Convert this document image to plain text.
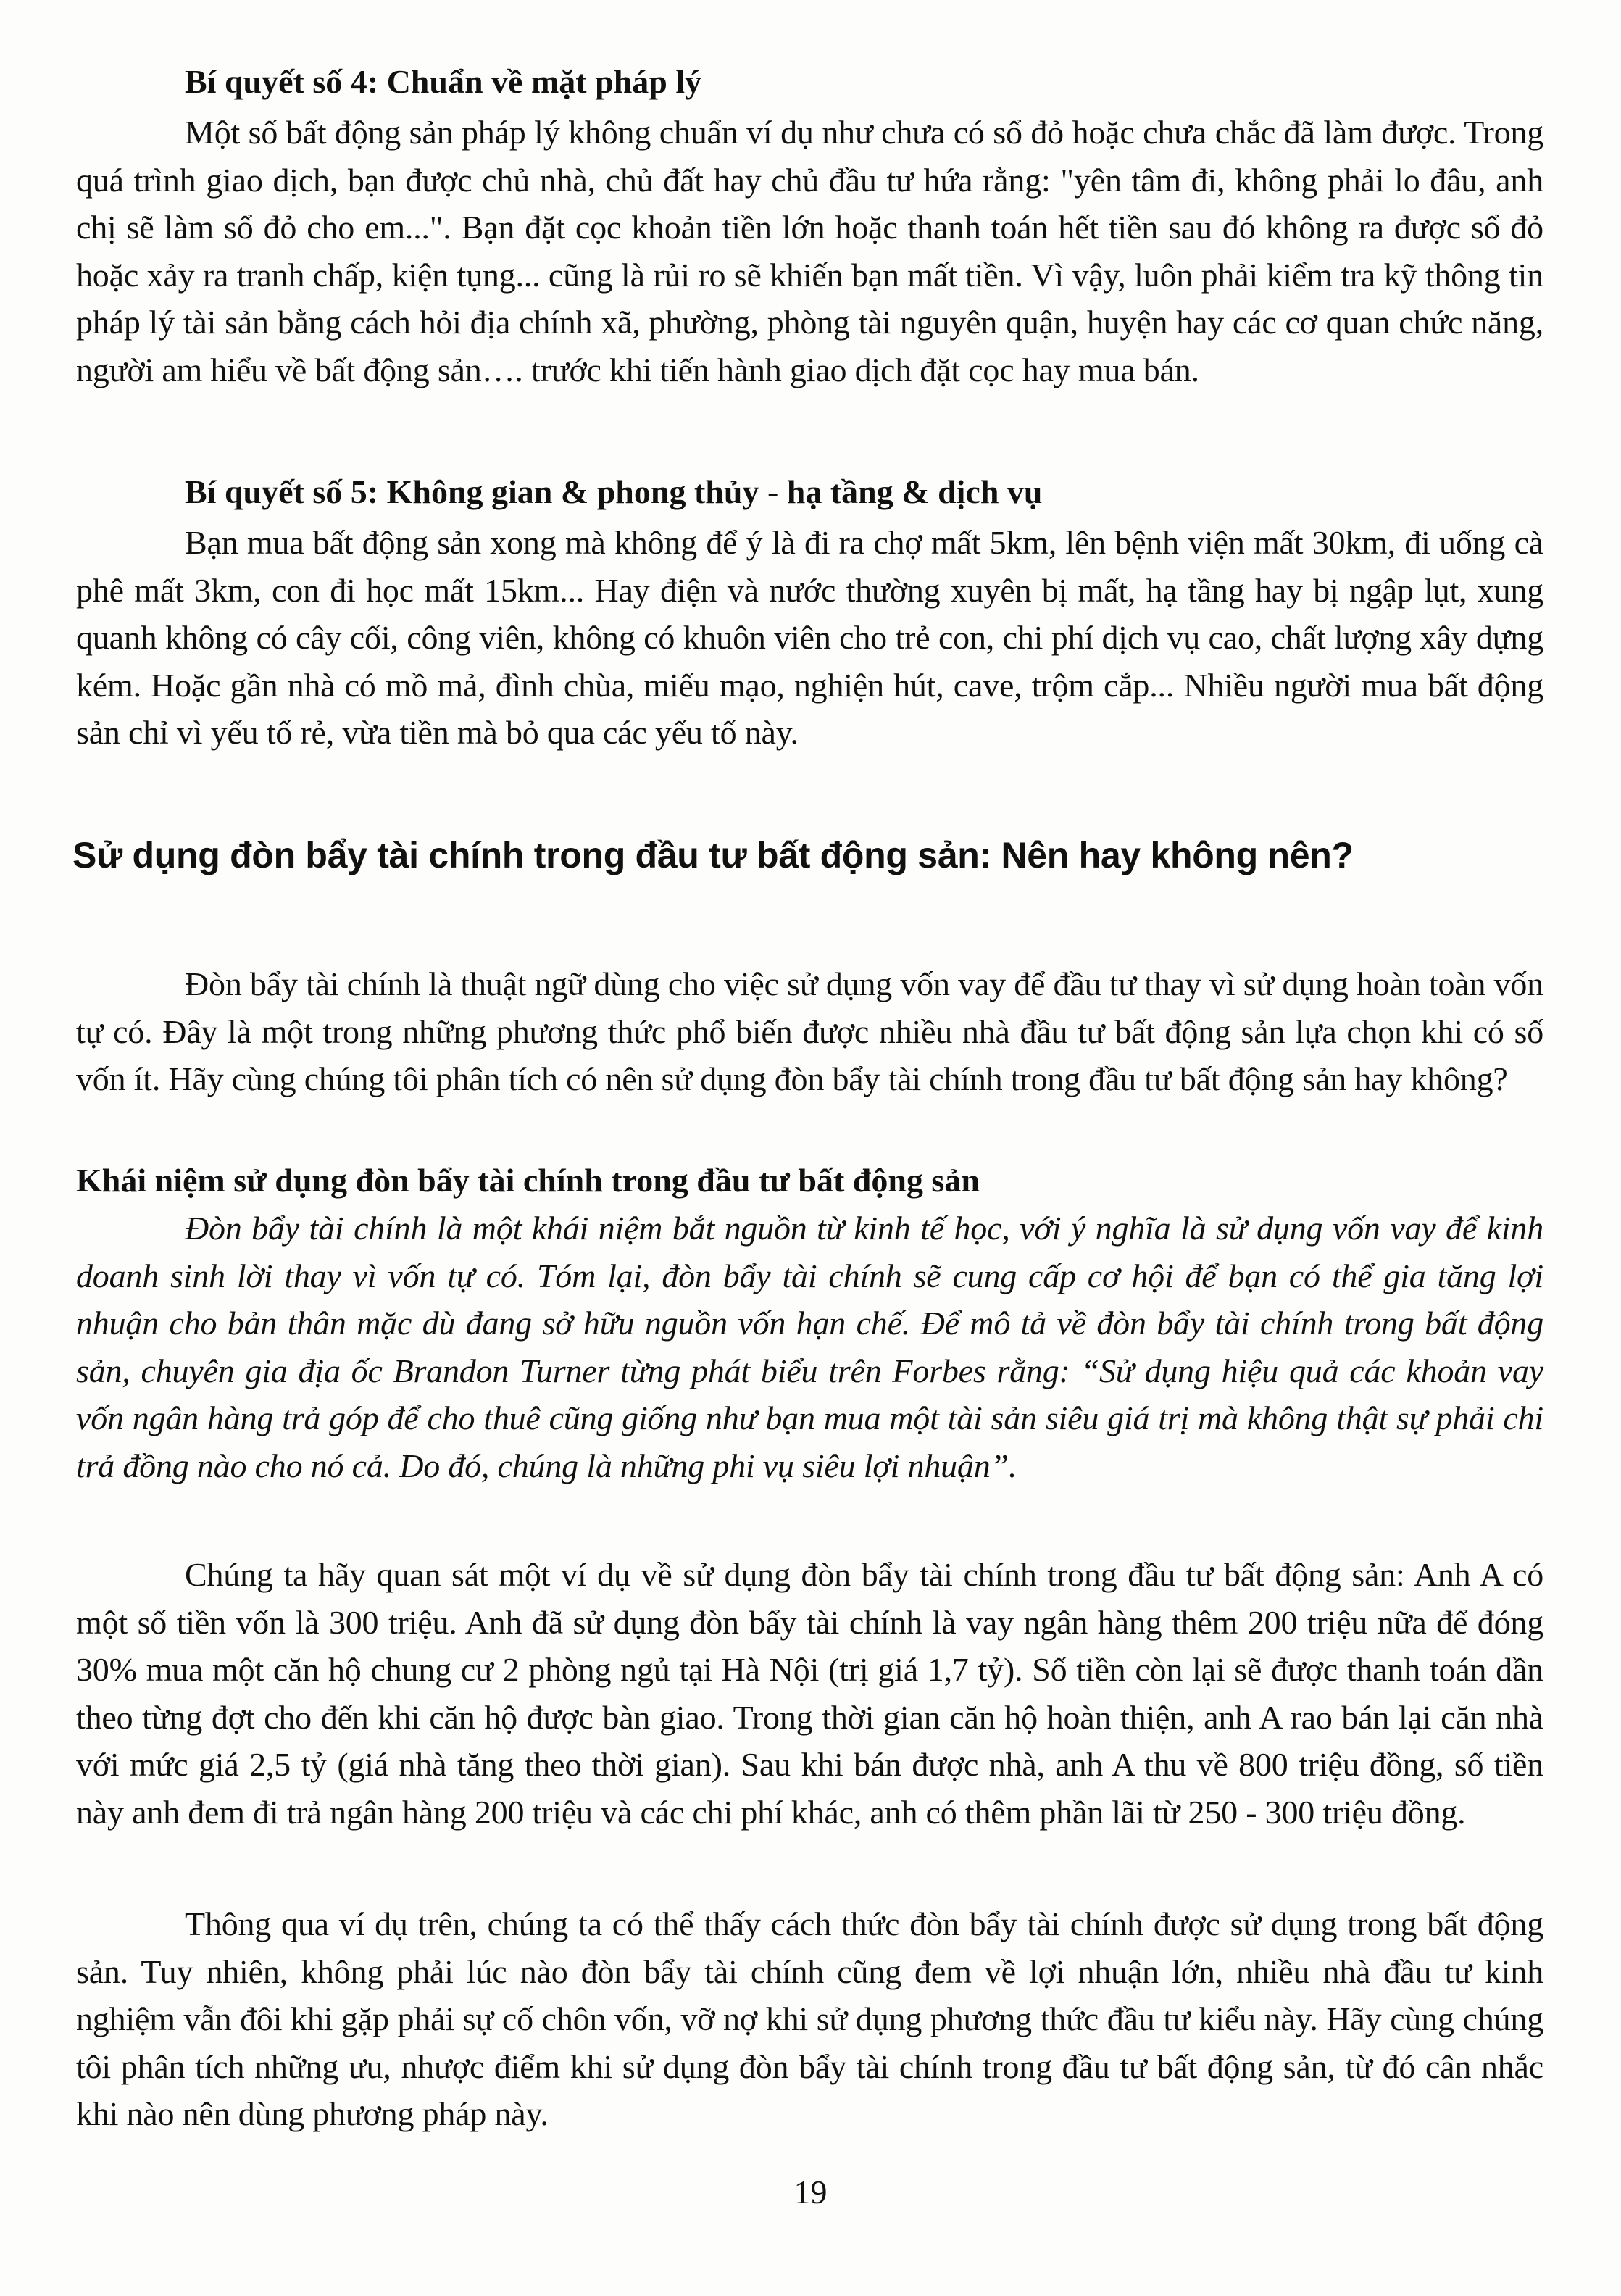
Bí quyết số 4: Chuẩn về mặt pháp lý
Một số bất động sản pháp lý không chuẩn ví dụ như chưa có sổ đỏ hoặc chưa chắc đã làm được. Trong quá trình giao dịch, bạn được chủ nhà, chủ đất hay chủ đầu tư hứa rằng: "yên tâm đi, không phải lo đâu, anh chị sẽ làm sổ đỏ cho em...". Bạn đặt cọc khoản tiền lớn hoặc thanh toán hết tiền sau đó không ra được sổ đỏ hoặc xảy ra tranh chấp, kiện tụng... cũng là rủi ro sẽ khiến bạn mất tiền. Vì vậy, luôn phải kiểm tra kỹ thông tin pháp lý tài sản bằng cách hỏi địa chính xã, phường, phòng tài nguyên quận, huyện hay các cơ quan chức năng, người am hiểu về bất động sản…. trước khi tiến hành giao dịch đặt cọc hay mua bán.
Bí quyết số 5: Không gian & phong thủy - hạ tầng & dịch vụ
Bạn mua bất động sản xong mà không để ý là đi ra chợ mất 5km, lên bệnh viện mất 30km, đi uống cà phê mất 3km, con đi học mất 15km... Hay điện và nước thường xuyên bị mất, hạ tầng hay bị ngập lụt, xung quanh không có cây cối, công viên, không có khuôn viên cho trẻ con, chi phí dịch vụ cao, chất lượng xây dựng kém. Hoặc gần nhà có mồ mả, đình chùa, miếu mạo, nghiện hút, cave, trộm cắp... Nhiều người mua bất động sản chỉ vì yếu tố rẻ, vừa tiền mà bỏ qua các yếu tố này.
Sử dụng đòn bẩy tài chính trong đầu tư bất động sản: Nên hay không nên?
Đòn bẩy tài chính là thuật ngữ dùng cho việc sử dụng vốn vay để đầu tư thay vì sử dụng hoàn toàn vốn tự có. Đây là một trong những phương thức phổ biến được nhiều nhà đầu tư bất động sản lựa chọn khi có số vốn ít. Hãy cùng chúng tôi phân tích có nên sử dụng đòn bẩy tài chính trong đầu tư bất động sản hay không?
Khái niệm sử dụng đòn bẩy tài chính trong đầu tư bất động sản
Đòn bẩy tài chính là một khái niệm bắt nguồn từ kinh tế học, với ý nghĩa là sử dụng vốn vay để kinh doanh sinh lời thay vì vốn tự có. Tóm lại, đòn bẩy tài chính sẽ cung cấp cơ hội để bạn có thể gia tăng lợi nhuận cho bản thân mặc dù đang sở hữu nguồn vốn hạn chế. Để mô tả về đòn bẩy tài chính trong bất động sản, chuyên gia địa ốc Brandon Turner từng phát biểu trên Forbes rằng: “Sử dụng hiệu quả các khoản vay vốn ngân hàng trả góp để cho thuê cũng giống như bạn mua một tài sản siêu giá trị mà không thật sự phải chi trả đồng nào cho nó cả. Do đó, chúng là những phi vụ siêu lợi nhuận”.
Chúng ta hãy quan sát một ví dụ về sử dụng đòn bẩy tài chính trong đầu tư bất động sản: Anh A có một số tiền vốn là 300 triệu. Anh đã sử dụng đòn bẩy tài chính là vay ngân hàng thêm 200 triệu nữa để đóng 30% mua một căn hộ chung cư 2 phòng ngủ tại Hà Nội (trị giá 1,7 tỷ). Số tiền còn lại sẽ được thanh toán dần theo từng đợt cho đến khi căn hộ được bàn giao. Trong thời gian căn hộ hoàn thiện, anh A rao bán lại căn nhà với mức giá 2,5 tỷ (giá nhà tăng theo thời gian). Sau khi bán được nhà, anh A thu về 800 triệu đồng, số tiền này anh đem đi trả ngân hàng 200 triệu và các chi phí khác, anh có thêm phần lãi từ 250 - 300 triệu đồng.
Thông qua ví dụ trên, chúng ta có thể thấy cách thức đòn bẩy tài chính được sử dụng trong bất động sản. Tuy nhiên, không phải lúc nào đòn bẩy tài chính cũng đem về lợi nhuận lớn, nhiều nhà đầu tư kinh nghiệm vẫn đôi khi gặp phải sự cố chôn vốn, vỡ nợ khi sử dụng phương thức đầu tư kiểu này. Hãy cùng chúng tôi phân tích những ưu, nhược điểm khi sử dụng đòn bẩy tài chính trong đầu tư bất động sản, từ đó cân nhắc khi nào nên dùng phương pháp này.
19
